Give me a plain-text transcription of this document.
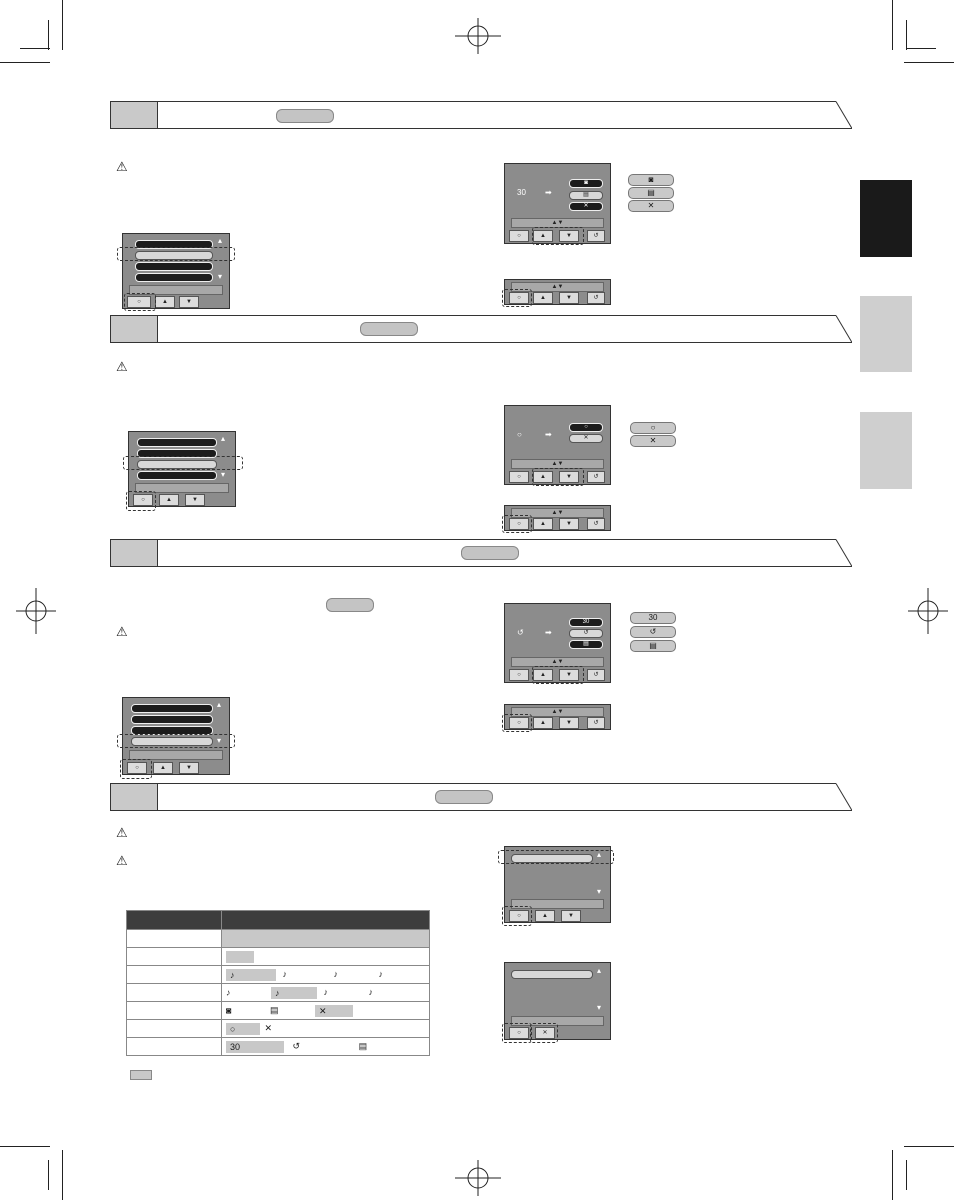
⚠
▴
▾
○	▲	▼
30 ➡
◙
▤
✕
▲▼
○	▲	▼	↺
◙
▤
✕
▲▼
○	▲	▼	↺
⚠
▴
▾
○	▲	▼
○	➡
○
✕
▲▼
○	▲	▼	↺
○
✕
▲▼
○	▲	▼	↺
⚠
▴
▾
○	▲	▼
↺	➡
30
↺
▤
▲▼
○	▲	▼	↺
30
↺
▤
▲▼
○	▲	▼	↺
⚠
⚠

	♪ ♪ ♪ ♪
	♪ ♪ ♪ ♪
	◙ ▤ ✕
	○ ✕
	30 ↺ ▤
▴
▾
○	▲	▼
▴
▾
○	✕
